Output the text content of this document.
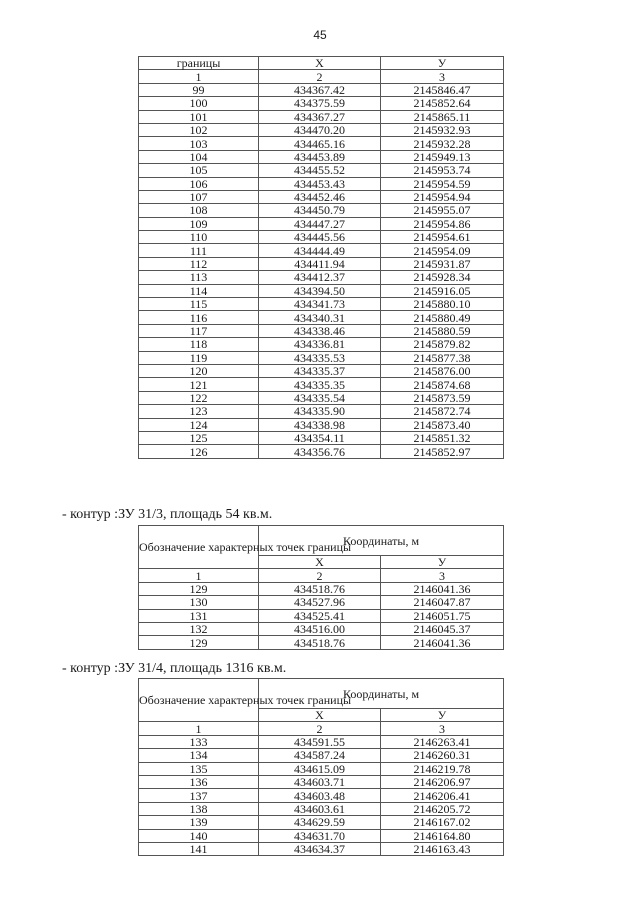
45
границы	Х	У
1	2	3
99	434367.42	2145846.47
100	434375.59	2145852.64
101	434367.27	2145865.11
102	434470.20	2145932.93
103	434465.16	2145932.28
104	434453.89	2145949.13
105	434455.52	2145953.74
106	434453.43	2145954.59
107	434452.46	2145954.94
108	434450.79	2145955.07
109	434447.27	2145954.86
110	434445.56	2145954.61
111	434444.49	2145954.09
112	434411.94	2145931.87
113	434412.37	2145928.34
114	434394.50	2145916.05
115	434341.73	2145880.10
116	434340.31	2145880.49
117	434338.46	2145880.59
118	434336.81	2145879.82
119	434335.53	2145877.38
120	434335.37	2145876.00
121	434335.35	2145874.68
122	434335.54	2145873.59
123	434335.90	2145872.74
124	434338.98	2145873.40
125	434354.11	2145851.32
126	434356.76	2145852.97
- контур :ЗУ 31/3, площадь 54 кв.м.
Обозначение характерных точек границы	Координаты, м	
	Х	У
1	2	3
129	434518.76	2146041.36
130	434527.96	2146047.87
131	434525.41	2146051.75
132	434516.00	2146045.37
129	434518.76	2146041.36
- контур :ЗУ 31/4, площадь 1316 кв.м.
Обозначение характерных точек границы	Координаты, м	
	Х	У
1	2	3
133	434591.55	2146263.41
134	434587.24	2146260.31
135	434615.09	2146219.78
136	434603.71	2146206.97
137	434603.48	2146206.41
138	434603.61	2146205.72
139	434629.59	2146167.02
140	434631.70	2146164.80
141	434634.37	2146163.43
